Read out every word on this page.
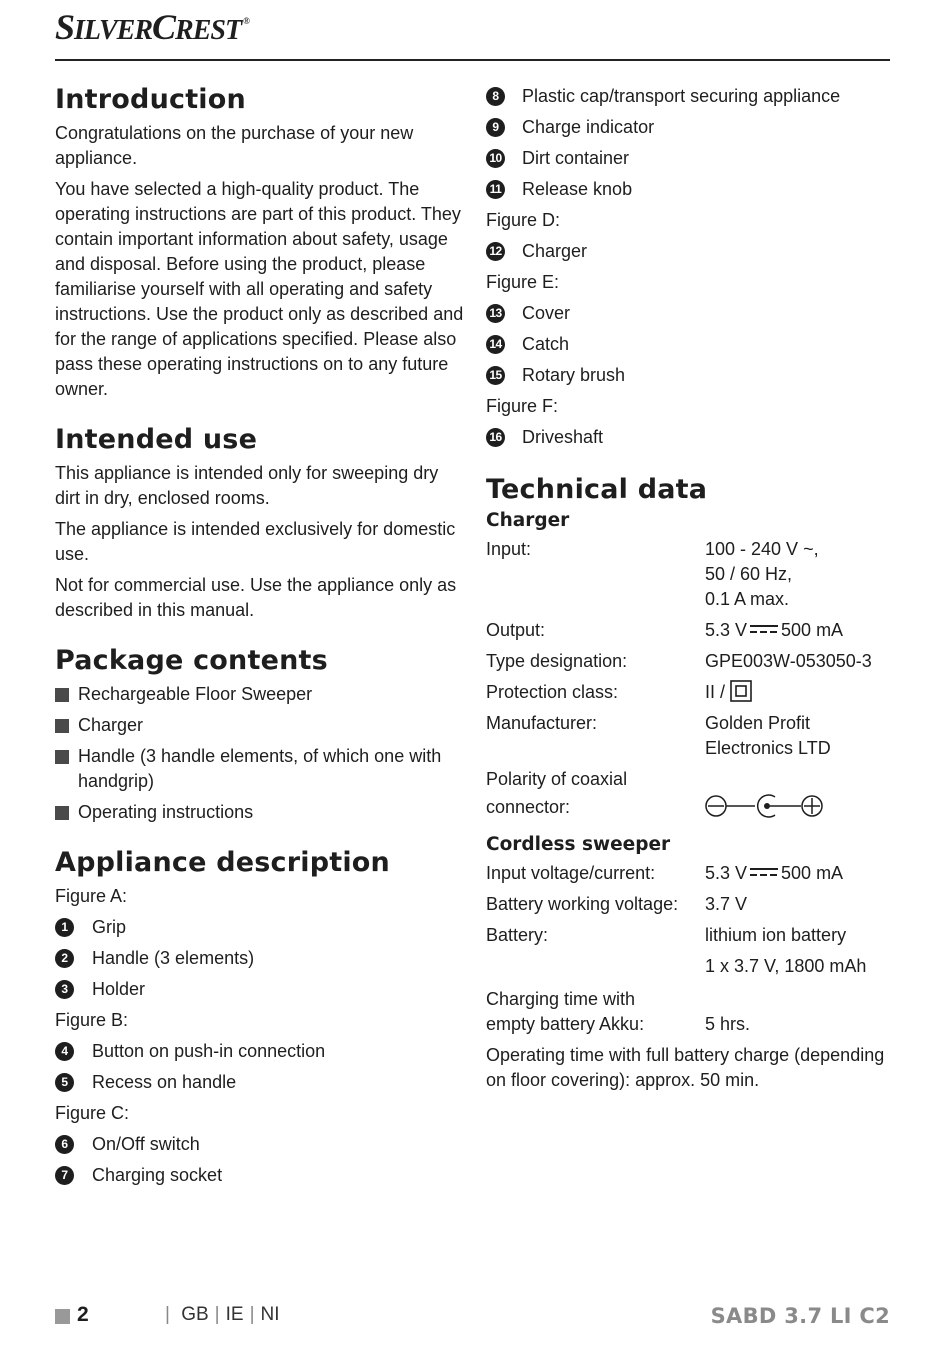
SILVERCREST ®
Introduction

Congratulations on the purchase of your new appliance.

You have selected a high-quality product. The operating instructions are part of this product. They contain important information about safety, usage and disposal. Before using the product, please familiarise yourself with all operating and safety instructions. Use the product only as described and for the range of applications specified. Please also pass these operating instructions on to any future owner.

Intended use

This appliance is intended only for sweeping dry dirt in dry, enclosed rooms.

The appliance is intended exclusively for domestic use.

Not for commercial use. Use the appliance only as described in this manual.

Package contents
Rechargeable Floor Sweeper
Charger
Handle (3 handle elements, of which one with handgrip)
Operating instructions
Appliance description
Figure A:
1	Grip
2	Handle (3 elements)
3	Holder
Figure B:
4	Button on push-in connection
5	Recess on handle
Figure C:
6	On/Off switch
7	Charging socket
8	Plastic cap/transport securing appliance
9	Charge indicator
10 Dirt container
11 Release knob
Figure D:
12 Charger
Figure E:
13 Cover
14 Catch
15 Rotary brush
Figure F:
16 Driveshaft
Technical data
Charger
Input:	100 - 240 V ~,
50 / 60 Hz,
0.1 A max.
Output:	5.3 V 500 mA
Type designation:	GPE003W-053050-3
Protection class:	II /
Manufacturer:	Golden Profit
Electronics LTD
Polarity of coaxial
connector:
Cordless sweeper
Input voltage/current:	5.3 V 500 mA
Battery working voltage:	3.7 V
Battery:	lithium ion battery
1 x 3.7 V, 1800 mAh
Charging time with
empty battery Akku:	5 hrs.

Operating time with full battery charge (depending on floor covering): approx. 50 min.

2	| GB | IE | NI	SABD 3.7 LI C2
